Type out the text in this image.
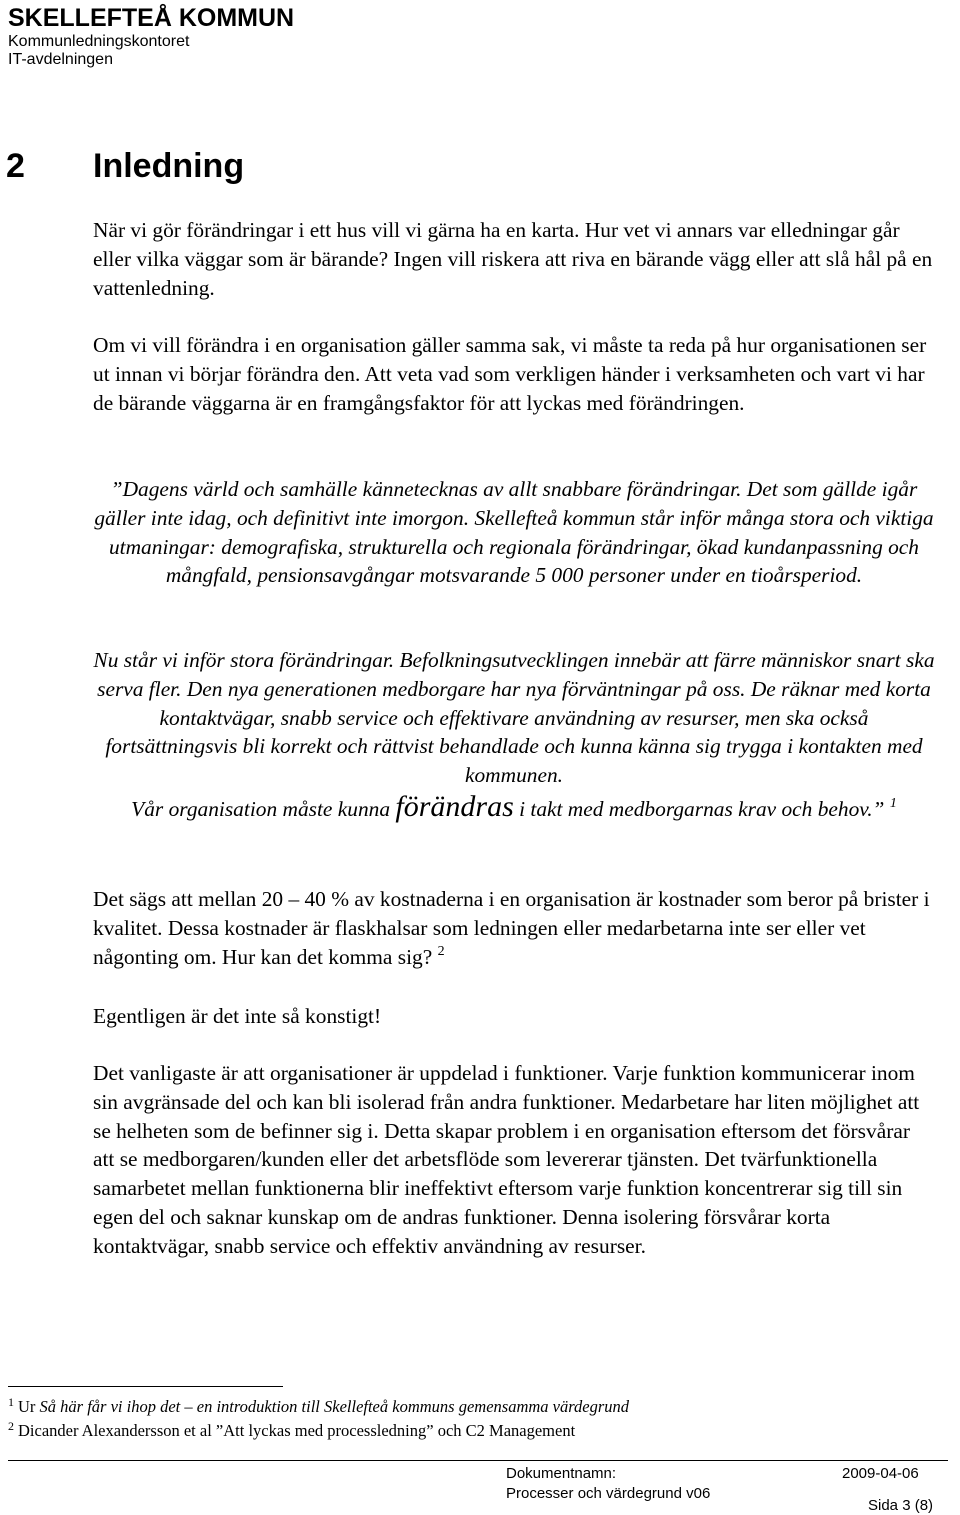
SKELLEFTEÅ KOMMUN
Kommunledningskontoret
IT-avdelningen
2 Inledning

När vi gör förändringar i ett hus vill vi gärna ha en karta. Hur vet vi annars var elledningar går eller vilka väggar som är bärande? Ingen vill riskera att riva en bärande vägg eller att slå hål på en vattenledning.

Om vi vill förändra i en organisation gäller samma sak, vi måste ta reda på hur organisationen ser ut innan vi börjar förändra den. Att veta vad som verkligen händer i verksamheten och vart vi har de bärande väggarna är en framgångsfaktor för att lyckas med förändringen.

”Dagens värld och samhälle kännetecknas av allt snabbare förändringar. Det som gällde igår gäller inte idag, och definitivt inte imorgon. Skellefteå kommun står inför många stora och viktiga utmaningar: demografiska, strukturella och regionala förändringar, ökad kundanpassning och mångfald, pensionsavgångar motsvarande 5 000 personer under en tioårsperiod.

Nu står vi inför stora förändringar. Befolkningsutvecklingen innebär att färre människor snart ska serva fler. Den nya generationen medborgare har nya förväntningar på oss. De räknar med korta kontaktvägar, snabb service och effektivare användning av resurser, men ska också fortsättningsvis bli korrekt och rättvist behandlade och kunna känna sig trygga i kontakten med kommunen.

Vår organisation måste kunna förändras i takt med medborgarnas krav och behov.” $^1$

Det sägs att mellan 20 – 40 % av kostnaderna i en organisation är kostnader som beror på brister i kvalitet. Dessa kostnader är flaskhalsar som ledningen eller medarbetarna inte ser eller vet någonting om. Hur kan det komma sig? $^2$

Egentligen är det inte så konstigt!

Det vanligaste är att organisationer är uppdelad i funktioner. Varje funktion kommunicerar inom sin avgränsade del och kan bli isolerad från andra funktioner. Medarbetare har liten möjlighet att se helheten som de befinner sig i. Detta skapar problem i en organisation eftersom det försvårar att se medborgaren/kunden eller det arbetsflöde som levererar tjänsten. Det tvärfunktionella samarbetet mellan funktionerna blir ineffektivt eftersom varje funktion koncentrerar sig till sin egen del och saknar kunskap om de andras funktioner. Denna isolering försvårar korta kontaktvägar, snabb service och effektiv användning av resurser.

$^1$ Ur Så här får vi ihop det – en introduktion till Skellefteå kommuns gemensamma värdegrund

$^2$ Dicander Alexandersson et al ”Att lyckas med processledning” och C2 Management

Dokumentnamn:	2009-04-06
Processer och värdegrund v06
Sida 3 (8)
